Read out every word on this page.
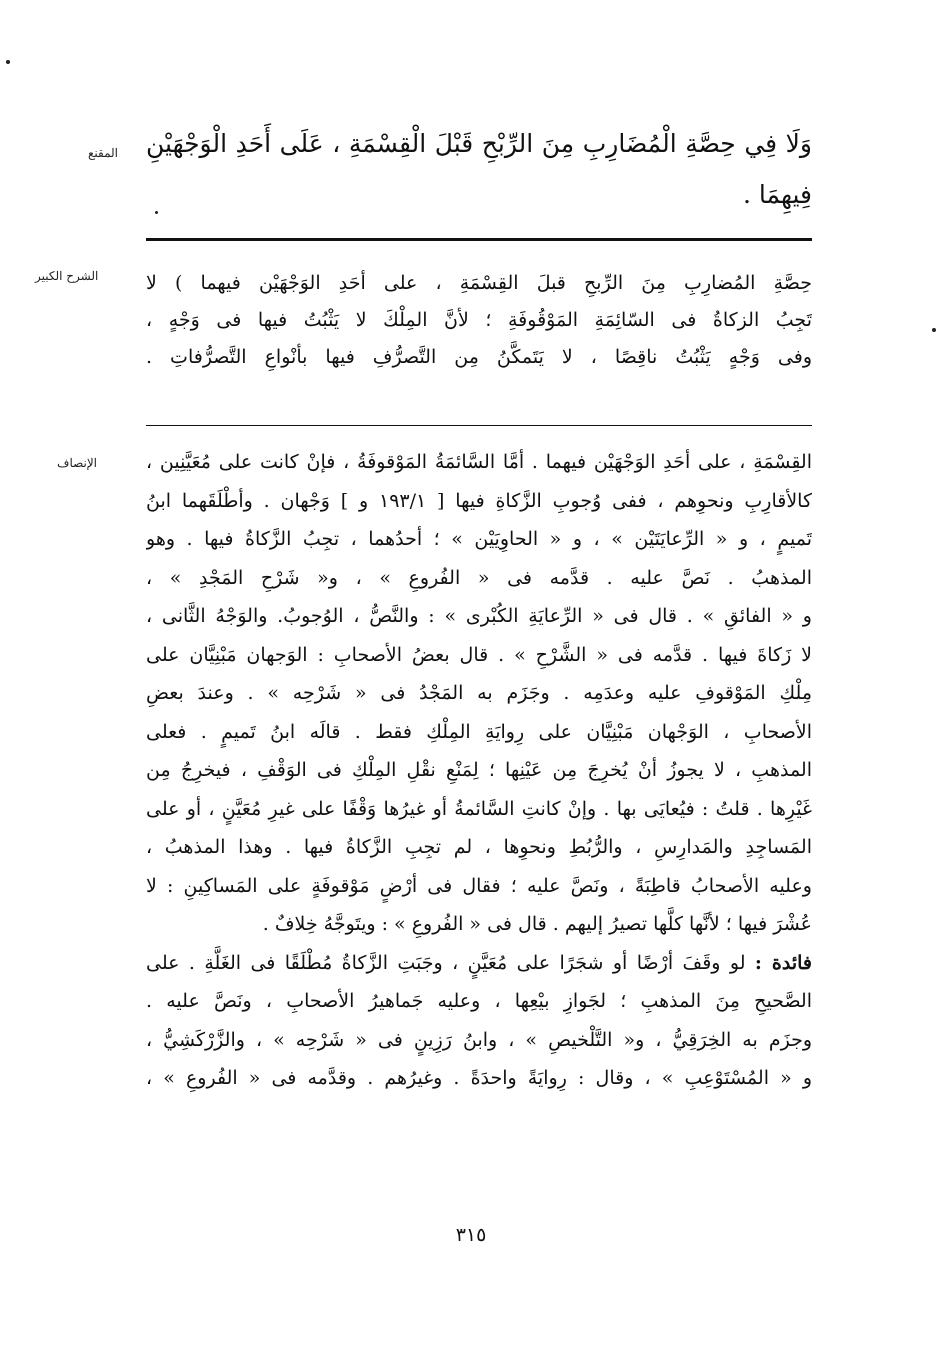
المقنع
الشرح الكبير
الإنصاف
وَلَا فِي حِصَّةِ الْمُضَارِبِ مِنَ الرِّبْحِ قَبْلَ الْقِسْمَةِ ، عَلَى أَحَدِ الْوَجْهَيْنِ
فِيهِمَا .
حِصَّةِ المُضارِبِ مِنَ الرِّبحِ قبلَ القِسْمَةِ ، على أحَدِ الوَجْهَيْن فيهما ) لا
تَجِبُ الزكاةُ فى السّائِمَةِ المَوْقُوفَةِ ؛ لأنَّ المِلْكَ لا يَثْبُتُ فيها فى وَجْهٍ ،
وفى وَجْهٍ يَثْبُتُ ناقِصًا ، لا يَتَمكَّنُ مِن التَّصرُّفِ فيها بأنْواعِ التَّصرُّفاتِ .
القِسْمَةِ ، على أحَدِ الوَجْهَيْن فيهما . أمَّا السَّائمَةُ المَوْقوفَةُ ، فإنْ كانت على مُعَيَّنِين ،
كالأقارِبِ ونحوِهم ، ففى وُجوبِ الزَّكاةِ فيها [ ١٩٣/١ و ] وَجْهان . وأطْلَقَهما ابنُ
تَميمٍ ، و « الرِّعايَتَيْن » ، و « الحاوِيَيْن » ؛ أحدُهما ، تجِبُ الزَّكاةُ فيها . وهو
المذهبُ . نَصَّ عليه . قدَّمه فى « الفُروعِ » ، و« شَرْحِ المَجْدِ » ،
و « الفائقِ » . قال فى « الرِّعايَةِ الكُبْرى » : والنَّصُّ ، الوُجوبُ. والوَجْهُ الثَّانى ،
لا زَكاةَ فيها . قدَّمه فى « الشَّرْحِ » . قال بعضُ الأصحابِ : الوَجهان مَبْنِيَّان على
مِلْكِ المَوْقوفِ عليه وعدَمِه . وجَزَم به المَجْدُ فى « شَرْحِه » . وعندَ بعضِ
الأصحابِ ، الوَجْهان مَبْنِيَّان على رِوايَةِ المِلْكِ فقط . قالَه ابنُ تَميمٍ . فعلى
المذهبِ ، لا يجوزُ أنْ يُخرِجَ مِن عَيْنِها ؛ لِمَنْعِ نقْلِ المِلْكِ فى الوَقْفِ ، فيخرِجُ مِن
غَيْرِها . قلتُ : فيُعايَى بها . وإنْ كانتِ السَّائمةُ أو غيرُها وَقْفًا على غيرِ مُعَيَّنٍ ، أو على
المَساجِدِ والمَدارِسِ ، والرُّبُطِ ونحوِها ، لم تجِبِ الزَّكاةُ فيها . وهذا المذهبُ ،
وعليه الأصحابُ قاطِبَةً ، ونَصَّ عليه ؛ فقال فى أرْضٍ مَوْقوفَةٍ على المَساكِينِ : لا
عُشْرَ فيها ؛ لأنَّها كلَّها تصيرُ إليهم . قال فى « الفُروعِ » : ويتَوجَّهُ خِلافٌ .
فائدة : لو وقَفَ أرْضًا أو شجَرًا على مُعَيَّنٍ ، وجَبَتِ الزَّكاةُ مُطْلَقًا فى الغَلَّةِ . على
الصَّحيحِ مِنَ المذهبِ ؛ لجَوازِ بيْعِها ، وعليه جَماهيرُ الأصحابِ ، ونَصَّ عليه .
وجزَم به الخِرَقِيُّ ، و« التَّلْخيصِ » ، وابنُ رَزِينٍ فى « شَرْحِه » ، والزَّرْكَشِيُّ ،
و « المُسْتَوْعِبِ » ، وقال : رِوايَةً واحدَةً . وغيرُهم . وقدَّمه فى « الفُروعِ » ،
٣١٥
